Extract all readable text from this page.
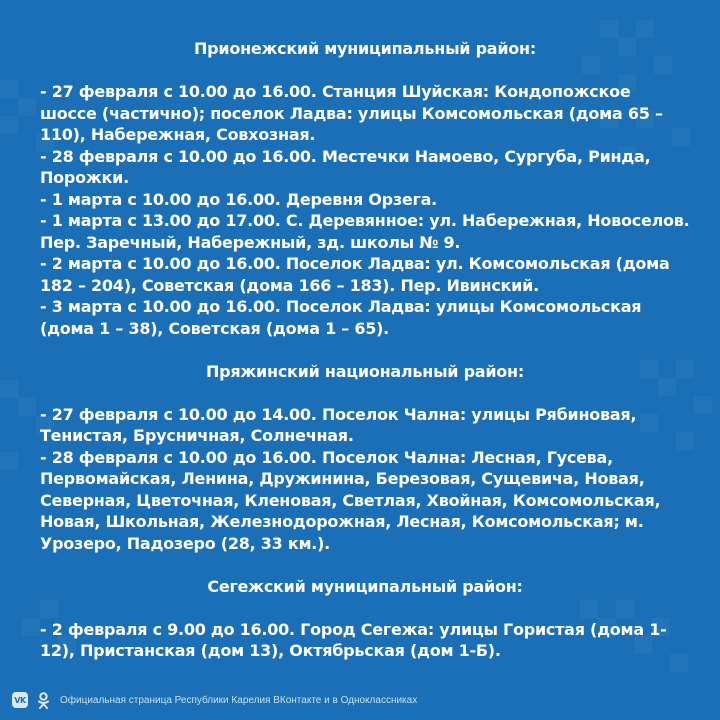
Прионежский муниципальный район:

- 27 февраля с 10.00 до 16.00. Станция Шуйская: Кондопожское шоссе (частично); поселок Ладва: улицы Комсомольская (дома 65 – 110), Набережная, Совхозная.

- 28 февраля с 10.00 до 16.00. Местечки Намоево, Сургуба, Ринда, Порожки.

- 1 марта с 10.00 до 16.00. Деревня Орзега.

- 1 марта с 13.00 до 17.00. С. Деревянное: ул. Набережная, Новоселов. Пер. Заречный, Набережный, зд. школы № 9.

- 2 марта с 10.00 до 16.00. Поселок Ладва: ул. Комсомольская (дома 182 – 204), Советская (дома 166 – 183). Пер. Ивинский.

- 3 марта с 10.00 до 16.00. Поселок Ладва: улицы Комсомольская (дома 1 – 38), Советская (дома 1 – 65).

Пряжинский национальный район:

- 27 февраля с 10.00 до 14.00. Поселок Чална: улицы Рябиновая, Тенистая, Брусничная, Солнечная.

- 28 февраля с 10.00 до 16.00. Поселок Чална: Лесная, Гусева, Первомайская, Ленина, Дружинина, Березовая, Сущевича, Новая, Северная, Цветочная, Кленовая, Светлая, Хвойная, Комсомольская, Новая, Школьная, Железнодорожная, Лесная, Комсомольская; м. Урозеро, Падозеро (28, 33 км.).

Сегежский муниципальный район:

- 2 февраля с 9.00 до 16.00. Город Сегежа: улицы Гористая (дома 1-12), Пристанская (дом 13), Октябрьская (дом 1-Б).

VK	Официальная страница Республики Карелия ВКонтакте и в Одноклассниках
